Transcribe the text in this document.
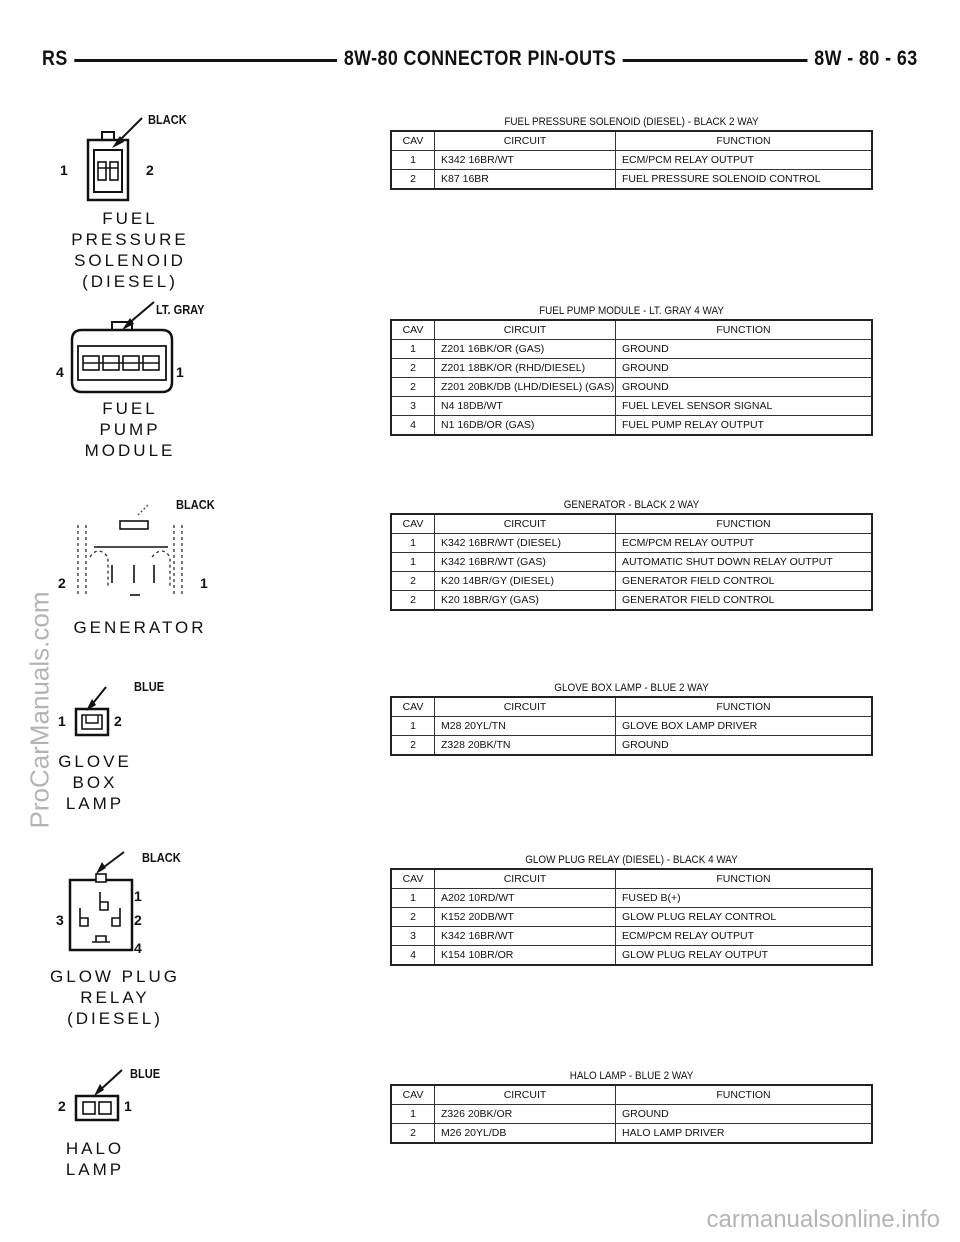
RS	8W-80 CONNECTOR PIN-OUTS	8W - 80 - 63
ProCarManuals.com
carmanualsonline.info
BLACK
1	2
FUEL PRESSURE
SOLENOID
(DIESEL)
LT. GRAY
4	1
FUEL
PUMP
MODULE
BLACK
2	1
GENERATOR
BLUE
1	2
GLOVE
BOX
LAMP
BLACK
1
3	2
4
GLOW PLUG
RELAY
(DIESEL)
BLUE
2	1
HALO
LAMP
FUEL PRESSURE SOLENOID (DIESEL) - BLACK 2 WAY
CAV	CIRCUIT	FUNCTION
1	K342 16BR/WT	ECM/PCM RELAY OUTPUT
2	K87 16BR	FUEL PRESSURE SOLENOID CONTROL
FUEL PUMP MODULE - LT. GRAY 4 WAY
CAV	CIRCUIT	FUNCTION
1	Z201 16BK/OR (GAS)	GROUND
2	Z201 18BK/OR (RHD/DIESEL)	GROUND
2	Z201 20BK/DB (LHD/DIESEL) (GAS)	GROUND
3	N4 18DB/WT	FUEL LEVEL SENSOR SIGNAL
4	N1 16DB/OR (GAS)	FUEL PUMP RELAY OUTPUT
GENERATOR - BLACK 2 WAY
CAV	CIRCUIT	FUNCTION
1	K342 16BR/WT (DIESEL)	ECM/PCM RELAY OUTPUT
1	K342 16BR/WT (GAS)	AUTOMATIC SHUT DOWN RELAY OUTPUT
2	K20 14BR/GY (DIESEL)	GENERATOR FIELD CONTROL
2	K20 18BR/GY (GAS)	GENERATOR FIELD CONTROL
GLOVE BOX LAMP - BLUE 2 WAY
CAV	CIRCUIT	FUNCTION
1	M28 20YL/TN	GLOVE BOX LAMP DRIVER
2	Z328 20BK/TN	GROUND
GLOW PLUG RELAY (DIESEL) - BLACK 4 WAY
CAV	CIRCUIT	FUNCTION
1	A202 10RD/WT	FUSED B(+)
2	K152 20DB/WT	GLOW PLUG RELAY CONTROL
3	K342 16BR/WT	ECM/PCM RELAY OUTPUT
4	K154 10BR/OR	GLOW PLUG RELAY OUTPUT
HALO LAMP - BLUE 2 WAY
CAV	CIRCUIT	FUNCTION
1	Z326 20BK/OR	GROUND
2	M26 20YL/DB	HALO LAMP DRIVER
